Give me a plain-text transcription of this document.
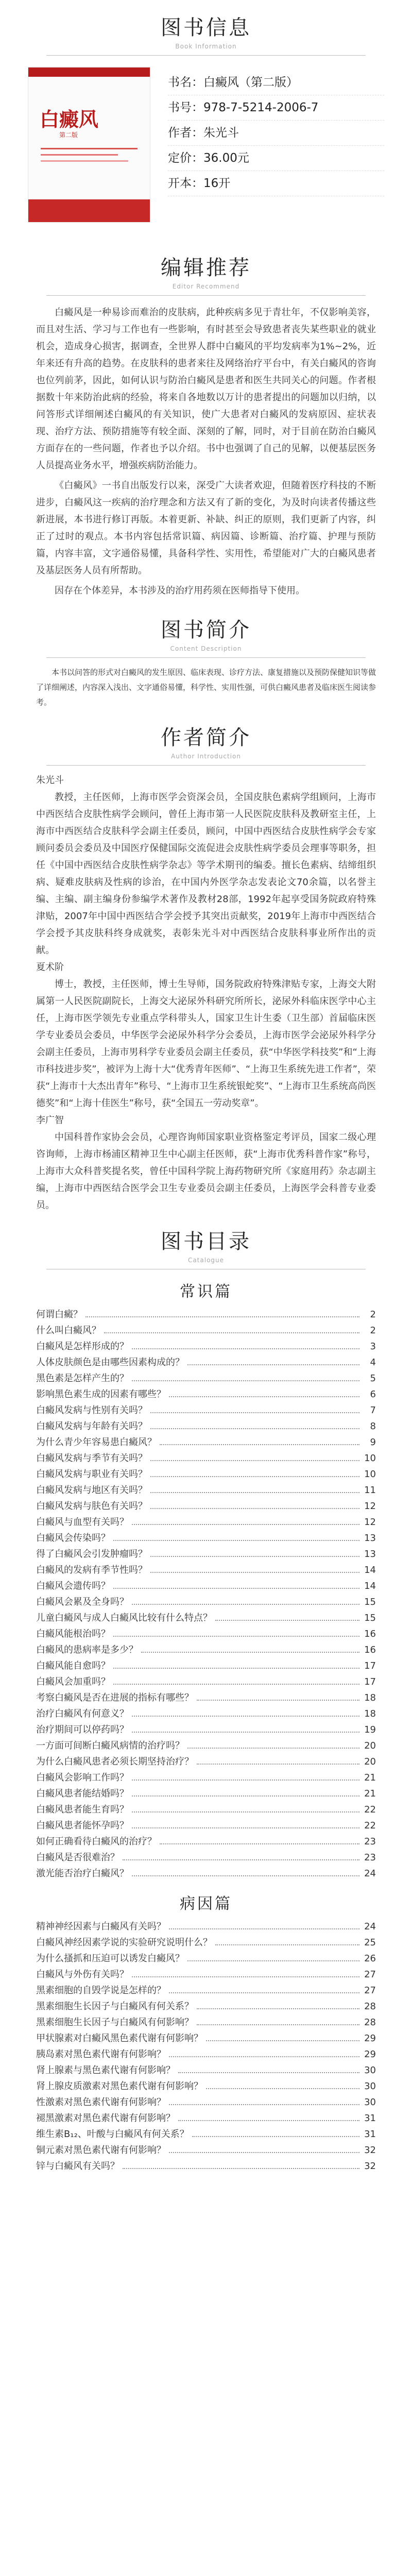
图书信息
Book Information
白癜风
第二版
书名：白癜风（第二版）
书号：978-7-5214-2006-7
作者：朱光斗
定价：36.00元
开本：16开
编辑推荐
Editor Recommend

白癜风是一种易诊而难治的皮肤病，此种疾病多见于青壮年，不仅影响美容，而且对生活、学习与工作也有一些影响，有时甚至会导致患者丧失某些职业的就业机会，造成身心损害，据调查，全世界人群中白癜风的平均发病率为1%~2%，近年来还有升高的趋势。在皮肤科的患者来往及网络治疗平台中，有关白癜风的咨询也位列前茅，因此，如何认识与防治白癜风是患者和医生共同关心的问题。作者根据数十年来防治此病的经验，将来自各地数以万计的患者提出的问题加以归纳，以问答形式详细阐述白癜风的有关知识，使广大患者对白癜风的发病原因、症状表现、治疗方法、预防措施等有较全面、深刻的了解，同时，对于目前在防治白癜风方面存在的一些问题，作者也予以介绍。书中也强调了自己的见解，以便基层医务人员提高业务水平，增强疾病防治能力。

《白癜风》一书自出版发行以来，深受广大读者欢迎，但随着医疗科技的不断进步，白癜风这一疾病的治疗理念和方法又有了新的变化，为及时向读者传播这些新进展，本书进行修订再版。本着更新、补缺、纠正的原则，我们更新了内容，纠正了过时的观点。本书内容包括常识篇、病因篇、诊断篇、治疗篇、护理与预防篇，内容丰富，文字通俗易懂，具备科学性、实用性，希望能对广大的白癜风患者及基层医务人员有所帮助。

因存在个体差异，本书涉及的治疗用药须在医师指导下使用。

图书简介
Content Description

本书以问答的形式对白癜风的发生原因、临床表现、诊疗方法、康复措施以及预防保健知识等做了详细阐述，内容深入浅出、文字通俗易懂，科学性、实用性强，可供白癜风患者及临床医生阅读参考。

作者简介
Author Introduction

朱光斗

教授，主任医师，上海市医学会资深会员，全国皮肤色素病学组顾问，上海市中西医结合皮肤性病学会顾问，曾任上海市第一人民医院皮肤科及教研室主任，上海市中西医结合皮肤科学会副主任委员，顾问，中国中西医结合皮肤性病学会专家顾问委员会委员及中国医疗保健国际交流促进会皮肤性病学委员会理事等职务，担任《中国中西医结合皮肤性病学杂志》等学术期刊的编委。擅长色素病、结缔组织病、疑难皮肤病及性病的诊治，在中国内外医学杂志发表论文70余篇，以名誉主编、主编、副主编身份参编学术著作及教材28部，1992年起享受国务院政府特殊津贴，2007年中国中西医结合学会授予其突出贡献奖，2019年上海市中西医结合学会授予其皮肤科终身成就奖，表彰朱光斗对中西医结合皮肤科事业所作出的贡献。

夏术阶

博士，教授，主任医师，博士生导师，国务院政府特殊津贴专家，上海交大附属第一人民医院副院长，上海交大泌尿外科研究所所长，泌尿外科临床医学中心主任，上海市医学领先专业重点学科带头人，国家卫生计生委（卫生部）首届临床医学专业委员会委员，中华医学会泌尿外科学分会委员，上海市医学会泌尿外科学分会副主任委员，上海市男科学专业委员会副主任委员，获“中华医学科技奖”和“上海市科技进步奖”，被评为上海十大“优秀青年医师”、“上海卫生系统先进工作者”，荣获“上海市十大杰出青年”称号、“上海市卫生系统银蛇奖”、“上海市卫生系统高尚医德奖”和“上海十佳医生”称号，获“全国五一劳动奖章”。

李广智

中国科普作家协会会员，心理咨询师国家职业资格鉴定考评员，国家二级心理咨询师，上海市杨浦区精神卫生中心副主任医师，获“上海市优秀科普作家”称号，上海市大众科普奖提名奖，曾任中国科学院上海药物研究所《家庭用药》杂志副主编，上海市中西医结合医学会卫生专业委员会副主任委员，上海医学会科普专业委员。

图书目录
Catalogue
常识篇
何谓白癜？	2
什么叫白癜风？	2
白癜风是怎样形成的？	3
人体皮肤颜色是由哪些因素构成的？	4
黑色素是怎样产生的？	5
影响黑色素生成的因素有哪些？	6
白癜风发病与性别有关吗？	7
白癜风发病与年龄有关吗？	8
为什么青少年容易患白癜风？	9
白癜风发病与季节有关吗？	10
白癜风发病与职业有关吗？	10
白癜风发病与地区有关吗？	11
白癜风发病与肤色有关吗？	12
白癜风与血型有关吗？	12
白癜风会传染吗？	13
得了白癜风会引发肿瘤吗？	13
白癜风的发病有季节性吗？	14
白癜风会遗传吗？	14
白癜风会累及全身吗？	15
儿童白癜风与成人白癜风比较有什么特点？	15
白癜风能根治吗？	16
白癜风的患病率是多少？	16
白癜风能自愈吗？	17
白癜风会加重吗？	17
考察白癜风是否在进展的指标有哪些？	18
治疗白癜风有何意义？	18
治疗期间可以停药吗？	19
一方面可间断白癜风病情的治疗吗？	20
为什么白癜风患者必须长期坚持治疗？	20
白癜风会影响工作吗？	21
白癜风患者能结婚吗？	21
白癜风患者能生育吗？	22
白癜风患者能怀孕吗？	22
如何正确看待白癜风的治疗？	23
白癜风是否很难治？	23
激光能否治疗白癜风？	24
病因篇
精神神经因素与白癜风有关吗？	24
白癜风神经因素学说的实验研究说明什么？	25
为什么搔抓和压迫可以诱发白癜风？	26
白癜风与外伤有关吗？	27
黑素细胞的自毁学说是怎样的？	27
黑素细胞生长因子与白癜风有何关系？	28
黑素细胞生长因子与白癜风有何影响？	28
甲状腺素对白癜风黑色素代谢有何影响？	29
胰岛素对黑色素代谢有何影响？	29
肾上腺素与黑色素代谢有何影响？	30
肾上腺皮质激素对黑色素代谢有何影响？	30
性激素对黑色素代谢有何影响？	30
褪黑激素对黑色素代谢有何影响？	31
维生素B₁₂、叶酸与白癜风有何关系？	31
铜元素对黑色素代谢有何影响？	32
锌与白癜风有关吗？	32
